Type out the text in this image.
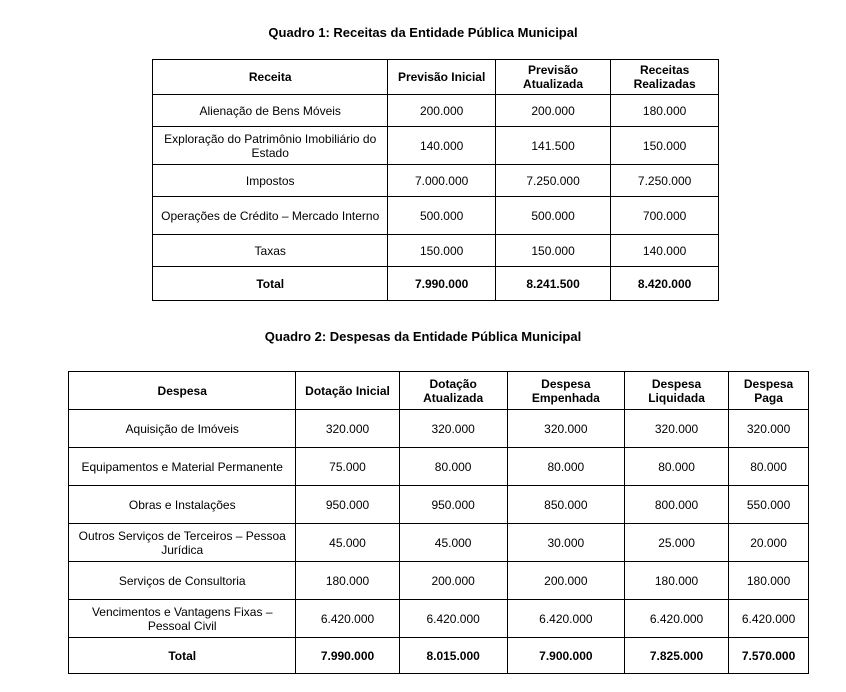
Quadro 1: Receitas da Entidade Pública Municipal
Receita	Previsão Inicial	Previsão Atualizada	Receitas Realizadas
Alienação de Bens Móveis	200.000	200.000	180.000
Exploração do Patrimônio Imobiliário do Estado	140.000	141.500	150.000
Impostos	7.000.000	7.250.000	7.250.000
Operações de Crédito – Mercado Interno	500.000	500.000	700.000
Taxas	150.000	150.000	140.000
Total	7.990.000	8.241.500	8.420.000
Quadro 2: Despesas da Entidade Pública Municipal
Despesa	Dotação Inicial	Dotação Atualizada	Despesa Empenhada	Despesa Liquidada	Despesa Paga
Aquisição de Imóveis	320.000	320.000	320.000	320.000	320.000
Equipamentos e Material Permanente	75.000	80.000	80.000	80.000	80.000
Obras e Instalações	950.000	950.000	850.000	800.000	550.000
Outros Serviços de Terceiros – Pessoa Jurídica	45.000	45.000	30.000	25.000	20.000
Serviços de Consultoria	180.000	200.000	200.000	180.000	180.000
Vencimentos e Vantagens Fixas – Pessoal Civil	6.420.000	6.420.000	6.420.000	6.420.000	6.420.000
Total	7.990.000	8.015.000	7.900.000	7.825.000	7.570.000
